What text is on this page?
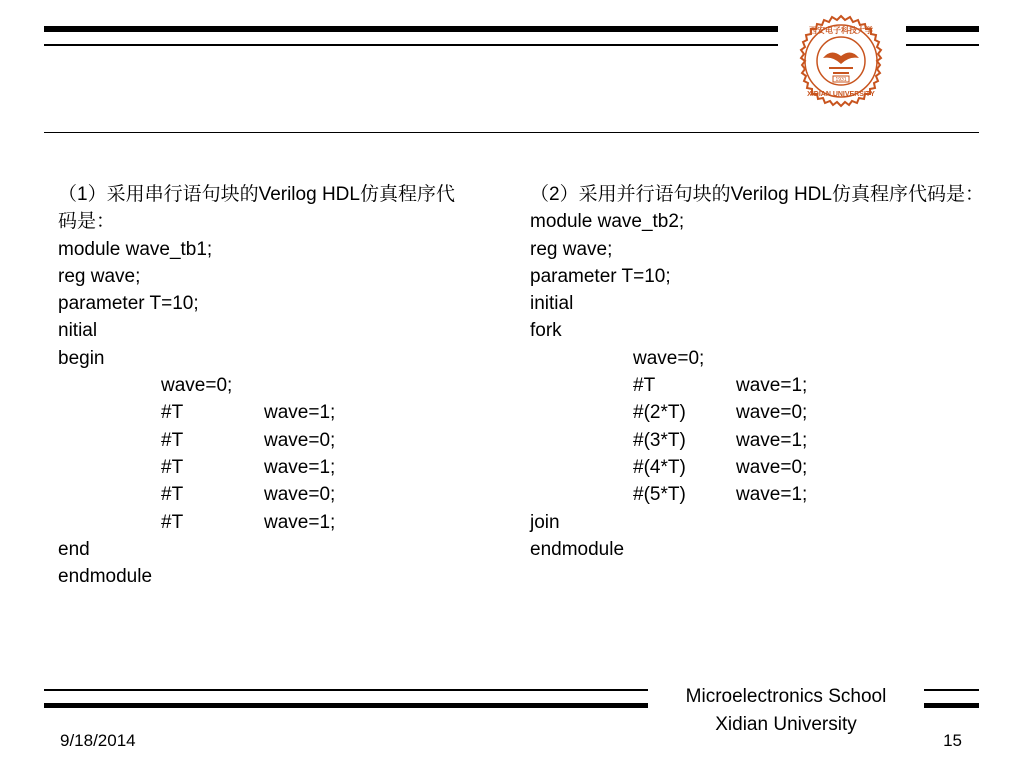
1931
西安电子科技大学
XIDIAN UNIVERSITY
（1）采用串行语句块的Verilog HDL仿真程序代码是：
module wave_tb1;
reg wave;
parameter T=10;
nitial
begin
wave=0;
#T	wave=1;
#T	wave=0;
#T	wave=1;
#T	wave=0;
#T	wave=1;
end
endmodule
（2）采用并行语句块的Verilog HDL仿真程序代码是：
module wave_tb2;
reg wave;
parameter T=10;
initial
fork
wave=0;
#T	wave=1;
#(2*T)	wave=0;
#(3*T)	wave=1;
#(4*T)	wave=0;
#(5*T)	wave=1;
join
endmodule
Microelectronics School
Xidian University
9/18/2014	15
